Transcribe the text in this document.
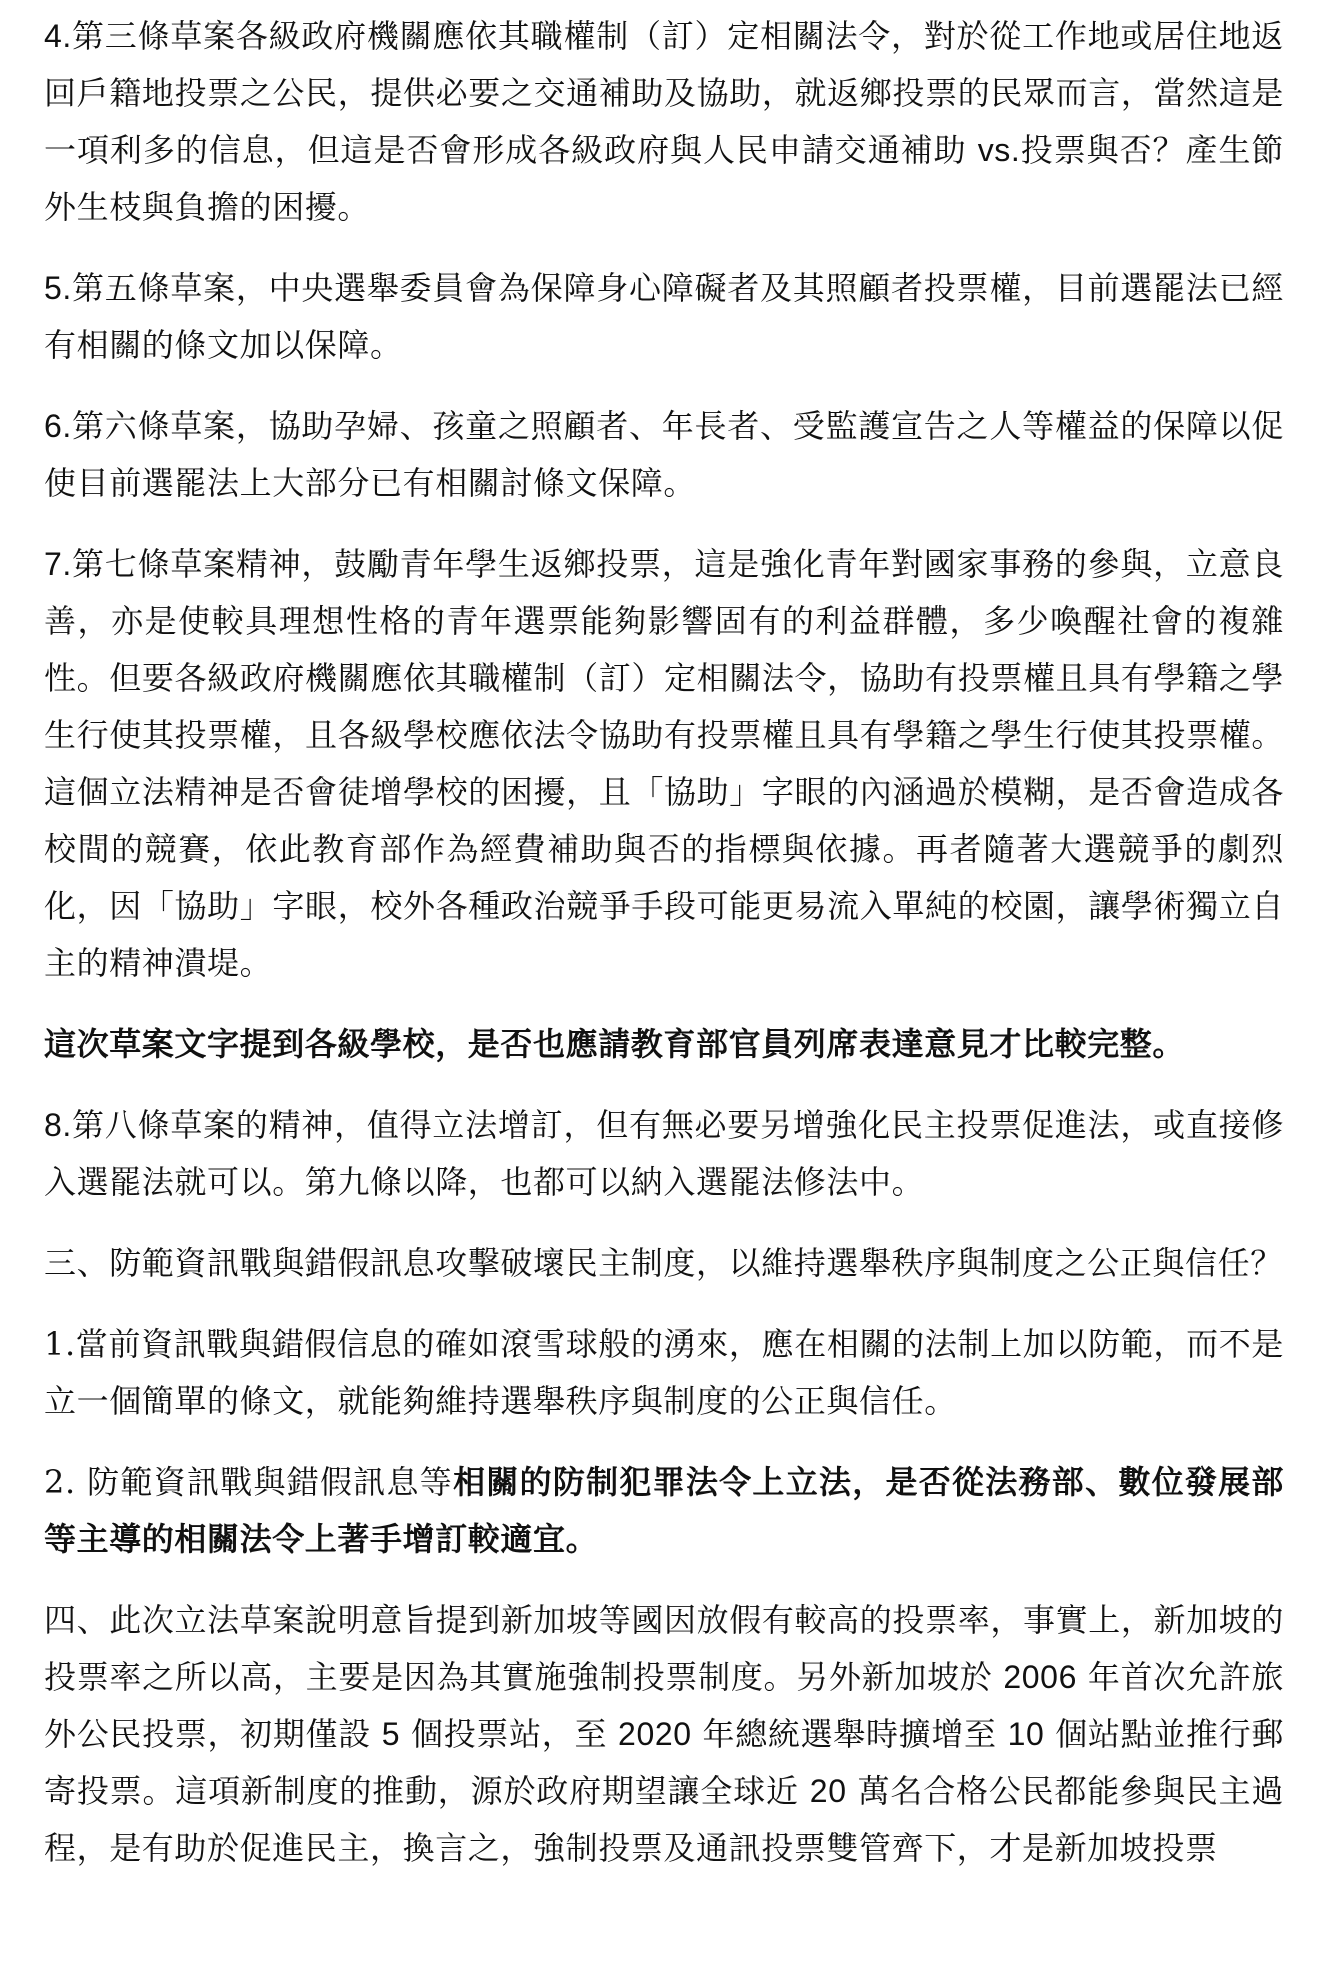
4.第三條草案各級政府機關應依其職權制（訂）定相關法令，對於從工作地或居住地返回戶籍地投票之公民，提供必要之交通補助及協助，就返鄉投票的民眾而言，當然這是一項利多的信息，但這是否會形成各級政府與人民申請交通補助 vs.投票與否？產生節外生枝與負擔的困擾。

5.第五條草案，中央選舉委員會為保障身心障礙者及其照顧者投票權，目前選罷法已經有相關的條文加以保障。

6.第六條草案，協助孕婦、孩童之照顧者、年長者、受監護宣告之人等權益的保障以促使目前選罷法上大部分已有相關討條文保障。

7.第七條草案精神，鼓勵青年學生返鄉投票，這是強化青年對國家事務的參與，立意良善，亦是使較具理想性格的青年選票能夠影響固有的利益群體，多少喚醒社會的複雜性。但要各級政府機關應依其職權制（訂）定相關法令，協助有投票權且具有學籍之學生行使其投票權，且各級學校應依法令協助有投票權且具有學籍之學生行使其投票權。這個立法精神是否會徒增學校的困擾，且「協助」字眼的內涵過於模糊，是否會造成各校間的競賽，依此教育部作為經費補助與否的指標與依據。再者隨著大選競爭的劇烈化，因「協助」字眼，校外各種政治競爭手段可能更易流入單純的校園，讓學術獨立自主的精神潰堤。

這次草案文字提到各級學校，是否也應請教育部官員列席表達意見才比較完整。

8.第八條草案的精神，值得立法增訂，但有無必要另增強化民主投票促進法，或直接修入選罷法就可以。第九條以降，也都可以納入選罷法修法中。

三、防範資訊戰與錯假訊息攻擊破壞民主制度，以維持選舉秩序與制度之公正與信任？

1.當前資訊戰與錯假信息的確如滾雪球般的湧來，應在相關的法制上加以防範，而不是立一個簡單的條文，就能夠維持選舉秩序與制度的公正與信任。

2. 防範資訊戰與錯假訊息等相關的防制犯罪法令上立法，是否從法務部、數位發展部等主導的相關法令上著手增訂較適宜。

四、此次立法草案說明意旨提到新加坡等國因放假有較高的投票率，事實上，新加坡的投票率之所以高，主要是因為其實施強制投票制度。另外新加坡於 2006 年首次允許旅外公民投票，初期僅設 5 個投票站，至 2020 年總統選舉時擴增至 10 個站點並推行郵寄投票。這項新制度的推動，源於政府期望讓全球近 20 萬名合格公民都能參與民主過程，是有助於促進民主，換言之，強制投票及通訊投票雙管齊下，才是新加坡投票
